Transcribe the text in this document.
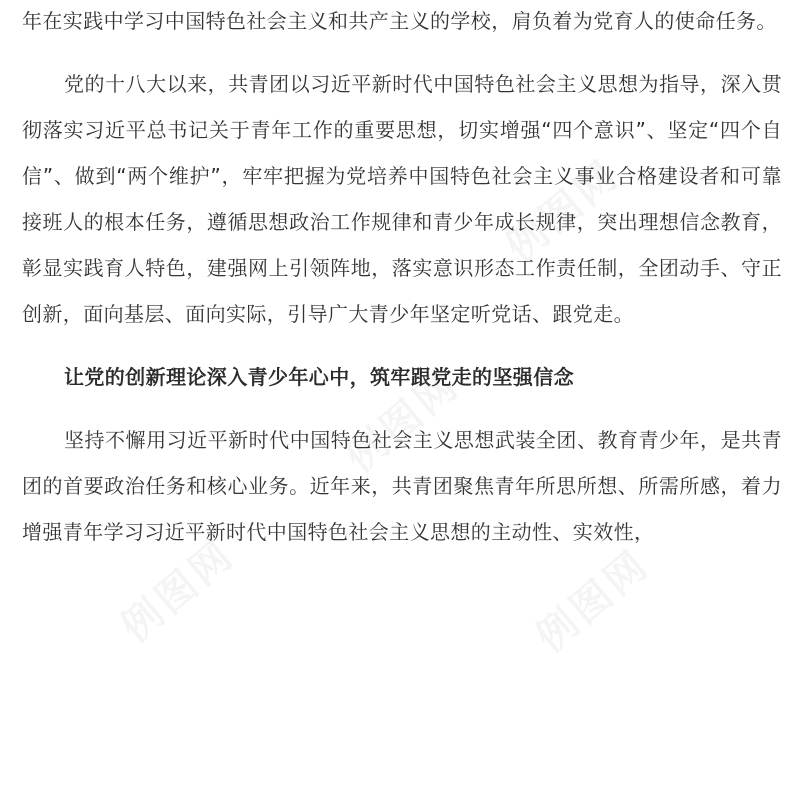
年在实践中学习中国特色社会主义和共产主义的学校，肩负着为党育人的使命任务。

党的十八大以来，共青团以习近平新时代中国特色社会主义思想为指导，深入贯彻落实习近平总书记关于青年工作的重要思想，切实增强“四个意识”、坚定“四个自信”、做到“两个维护”，牢牢把握为党培养中国特色社会主义事业合格建设者和可靠接班人的根本任务，遵循思想政治工作规律和青少年成长规律，突出理想信念教育，彰显实践育人特色，建强网上引领阵地，落实意识形态工作责任制，全团动手、守正创新，面向基层、面向实际，引导广大青少年坚定听党话、跟党走。

让党的创新理论深入青少年心中，筑牢跟党走的坚强信念

坚持不懈用习近平新时代中国特色社会主义思想武装全团、教育青少年，是共青团的首要政治任务和核心业务。近年来，共青团聚焦青年所思所想、所需所感，着力增强青年学习习近平新时代中国特色社会主义思想的主动性、实效性，
